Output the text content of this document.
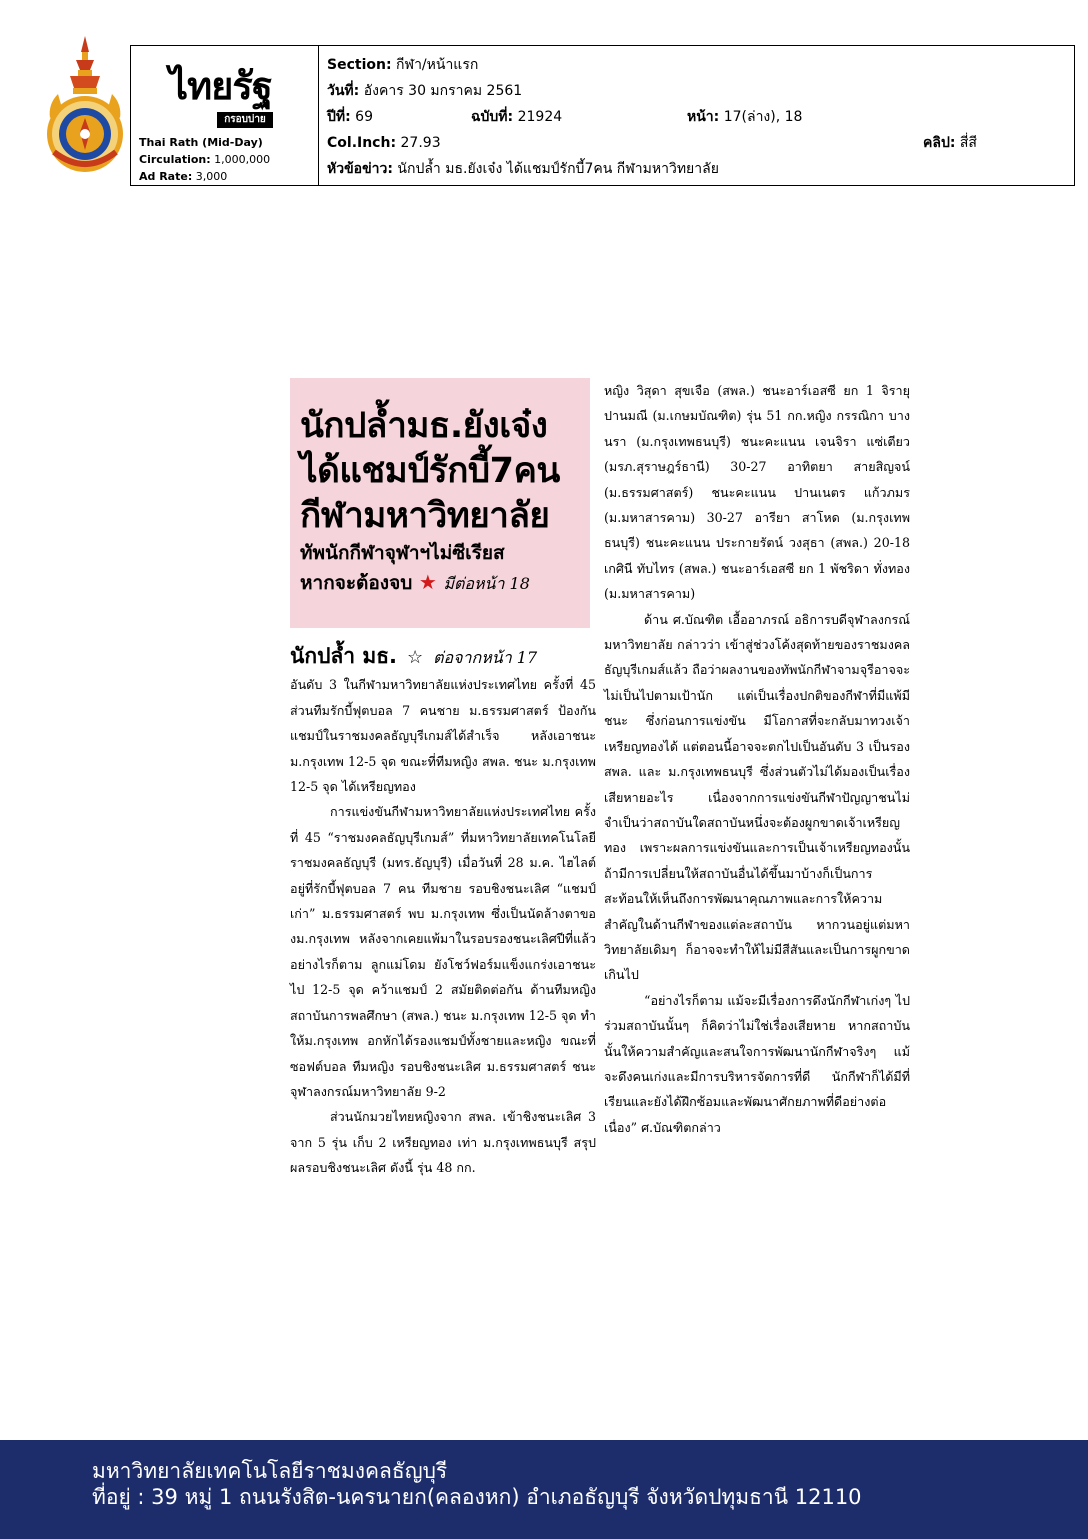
ไทยรัฐ
กรอบบ่าย
Thai Rath (Mid-Day)
Circulation: 1,000,000
Ad Rate: 3,000
Section: กีฬา/หน้าแรก
วันที่: อังคาร 30 มกราคม 2561
ปีที่: 69	ฉบับที่: 21924	หน้า: 17(ล่าง), 18
Col.Inch: 27.93	คลิป: สี่สี
หัวข้อข่าว: นักปล้ำ มธ.ยังเจ๋ง ได้แชมป์รักบี้7คน กีฬามหาวิทยาลัย
นักปล้ำมธ.ยังเจ๋ง
ได้แชมป์รักบี้7คน
กีฬามหาวิทยาลัย
ทัพนักกีฬาจุฬาฯไม่ซีเรียส
หากจะต้องจบ ★ มีต่อหน้า 18
นักปล้ำ มธ. ☆ ต่อจากหน้า 17

อันดับ 3 ในกีฬามหาวิทยาลัยแห่งประเทศไทย ครั้งที่ 45 ส่วนทีมรักบี้ฟุตบอล 7 คนชาย ม.ธรรมศาสตร์ ป้องกันแชมป์ในราชมงคลธัญบุรีเกมส์ได้สำเร็จ หลังเอาชนะ ม.กรุงเทพ 12-5 จุด ขณะที่ทีมหญิง สพล. ชนะ ม.กรุงเทพ 12-5 จุด ได้เหรียญทอง

การแข่งขันกีฬามหาวิทยาลัยแห่งประเทศไทย ครั้งที่ 45 “ราชมงคลธัญบุรีเกมส์” ที่มหาวิทยาลัยเทคโนโลยีราชมงคลธัญบุรี (มทร.ธัญบุรี) เมื่อวันที่ 28 ม.ค. ไฮไลต์อยู่ที่รักบี้ฟุตบอล 7 คน ทีมชาย รอบชิงชนะเลิศ “แชมป์เก่า” ม.ธรรมศาสตร์ พบ ม.กรุงเทพ ซึ่งเป็นนัดล้างตาของม.กรุงเทพ หลังจากเคยแพ้มาในรอบรองชนะเลิศปีที่แล้ว อย่างไรก็ตาม ลูกแม่โดม ยังโชว์ฟอร์มแข็งแกร่งเอาชนะไป 12-5 จุด คว้าแชมป์ 2 สมัยติดต่อกัน ด้านทีมหญิง สถาบันการพลศึกษา (สพล.) ชนะ ม.กรุงเทพ 12-5 จุด ทำให้ม.กรุงเทพ อกหักได้รองแชมป์ทั้งชายและหญิง ขณะที่ซอฟต์บอล ทีมหญิง รอบชิงชนะเลิศ ม.ธรรมศาสตร์ ชนะจุฬาลงกรณ์มหาวิทยาลัย 9-2

ส่วนนักมวยไทยหญิงจาก สพล. เข้าชิงชนะเลิศ 3 จาก 5 รุ่น เก็บ 2 เหรียญทอง เท่า ม.กรุงเทพธนบุรี สรุปผลรอบชิงชนะเลิศ ดังนี้ รุ่น 48 กก.

หญิง วิสุดา สุขเจือ (สพล.) ชนะอาร์เอสซี ยก 1 จิรายุ ปานมณี (ม.เกษมบัณฑิต) รุ่น 51 กก.หญิง กรรณิกา บางนรา (ม.กรุงเทพธนบุรี) ชนะคะแนน เจนจิรา แซ่เตียว (มรภ.สุราษฎร์ธานี) 30-27 อาทิตยา สายสิญจน์ (ม.ธรรมศาสตร์) ชนะคะแนน ปานเนตร แก้วภมร (ม.มหาสารคาม) 30-27 อารียา สาโหด (ม.กรุงเทพธนบุรี) ชนะคะแนน ประกายรัตน์ วงสุธา (สพล.) 20-18 เกศินี ทับไทร (สพล.) ชนะอาร์เอสซี ยก 1 พัชริดา ทั่งทอง (ม.มหาสารคาม)

ด้าน ศ.บัณฑิต เอื้ออาภรณ์ อธิการบดีจุฬาลงกรณ์มหาวิทยาลัย กล่าวว่า เข้าสู่ช่วงโค้งสุดท้ายของราชมงคลธัญบุรีเกมส์แล้ว ถือว่าผลงานของทัพนักกีฬาจามจุรีอาจจะไม่เป็นไปตามเป้านัก แต่เป็นเรื่องปกติของกีฬาที่มีแพ้มีชนะ ซึ่งก่อนการแข่งขัน มีโอกาสที่จะกลับมาทวงเจ้าเหรียญทองได้ แต่ตอนนี้อาจจะตกไปเป็นอันดับ 3 เป็นรอง สพล. และ ม.กรุงเทพธนบุรี ซึ่งส่วนตัวไม่ได้มองเป็นเรื่องเสียหายอะไร เนื่องจากการแข่งขันกีฬาปัญญาชนไม่จำเป็นว่าสถาบันใดสถาบันหนึ่งจะต้องผูกขาดเจ้าเหรียญทอง เพราะผลการแข่งขันและการเป็นเจ้าเหรียญทองนั้น ถ้ามีการเปลี่ยนให้สถาบันอื่นได้ขึ้นมาบ้างก็เป็นการสะท้อนให้เห็นถึงการพัฒนาคุณภาพและการให้ความสำคัญในด้านกีฬาของแต่ละสถาบัน หากวนอยู่แต่มหาวิทยาลัยเดิมๆ ก็อาจจะทำให้ไม่มีสีสันและเป็นการผูกขาดเกินไป

“อย่างไรก็ตาม แม้จะมีเรื่องการดึงนักกีฬาเก่งๆ ไปร่วมสถาบันนั้นๆ ก็คิดว่าไม่ใช่เรื่องเสียหาย หากสถาบันนั้นให้ความสำคัญและสนใจการพัฒนานักกีฬาจริงๆ แม้จะดึงคนเก่งและมีการบริหารจัดการที่ดี นักกีฬาก็ได้มีที่เรียนและยังได้ฝึกซ้อมและพัฒนาศักยภาพที่ดีอย่างต่อเนื่อง” ศ.บัณฑิตกล่าว

มหาวิทยาลัยเทคโนโลยีราชมงคลธัญบุรี
ที่อยู่ : 39 หมู่ 1 ถนนรังสิต-นครนายก(คลองหก) อำเภอธัญบุรี จังหวัดปทุมธานี 12110
